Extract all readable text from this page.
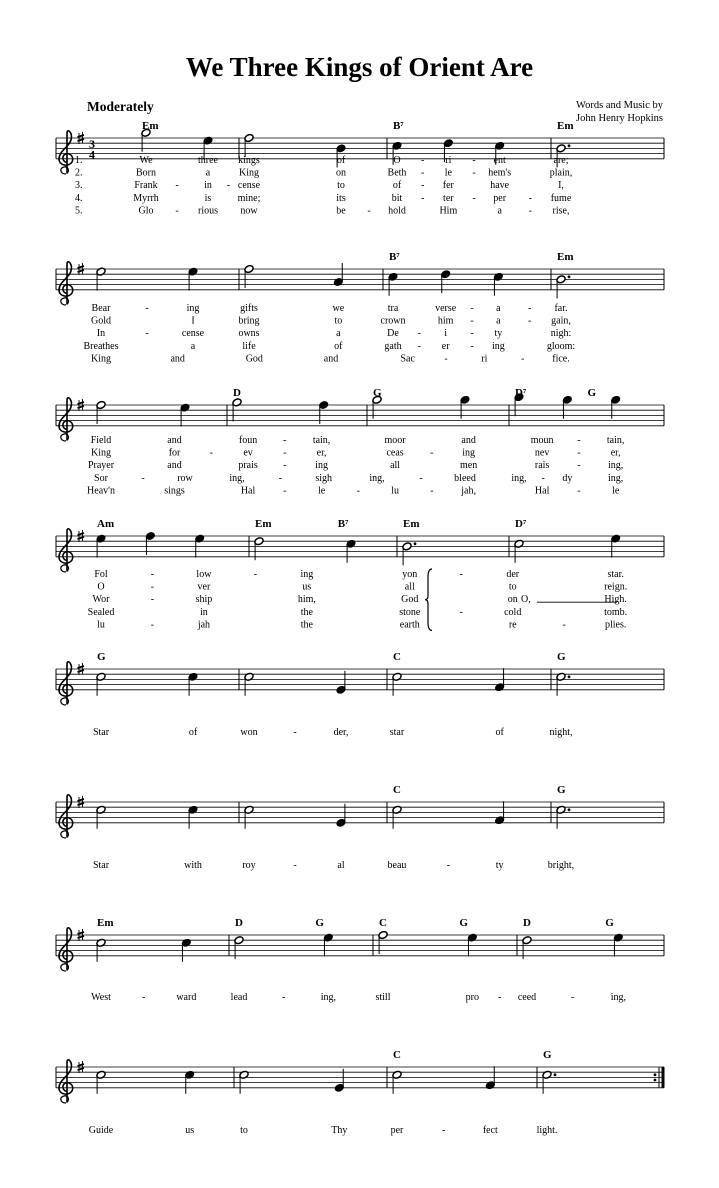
We Three Kings of Orient Are
Moderately	Words and Music by
John Henry Hopkins
3
4
Em	B⁷	Em
1.	We	three kings	of	O - ri - ent	are;
2.	Born	a	King	on	Beth - le - hem's	plain,
3.	Frank -	in - cense	to	of - fer	have	I,
4.	Myrrh	is	mine;	its	bit - ter - per - fume
5.	Glo - rious now	be - hold	Him	a	- rise,
B⁷	Em
Bear	-	ing	gifts	we	tra	verse - a	- far.
Gold	I	bring	to	crown	him - a	- gain,
In	-	cense	owns	a	De - i - ty	nigh:
Breathes	a	life	of	gath - er - ing	gloom:
King	and	God	and	Sac	-	ri	-	fice.
D	G	D⁷	G
Field	and	foun	-	tain,	moor	and	moun -	tain,
King	for	-	ev	-	er,	ceas	-	ing	nev	-	er,
Prayer	and	prais	-	ing	all	men	rais	-	ing,
Sor	-	row	ing,	-	sigh	ing,	-	bleed	ing, - dy	ing,
Heav'n	sings	Hal	-	le	-	lu	-	jah,	Hal	-	le
Am	Em	B⁷	Em	D⁷
Fol	-	low	-	ing	yon	-	der	star.
O	-	ver	us	all	to	reign.
Wor	-	ship	him,	God	on	High.
Sealed	in	the	stone	-	cold	tomb.
lu	-	jah	the	earth	re	-	plies.
O,
G	C	G
Star	of	won	-	der,	star	of	night,
C	G
Star	with	roy	-	al	beau	-	ty	bright,
Em	D	G	C	G	D	G
West	-	ward	lead	-	ing,	still	pro - ceed	-	ing,
C	G
Guide	us	to	Thy	per	-	fect	light.
